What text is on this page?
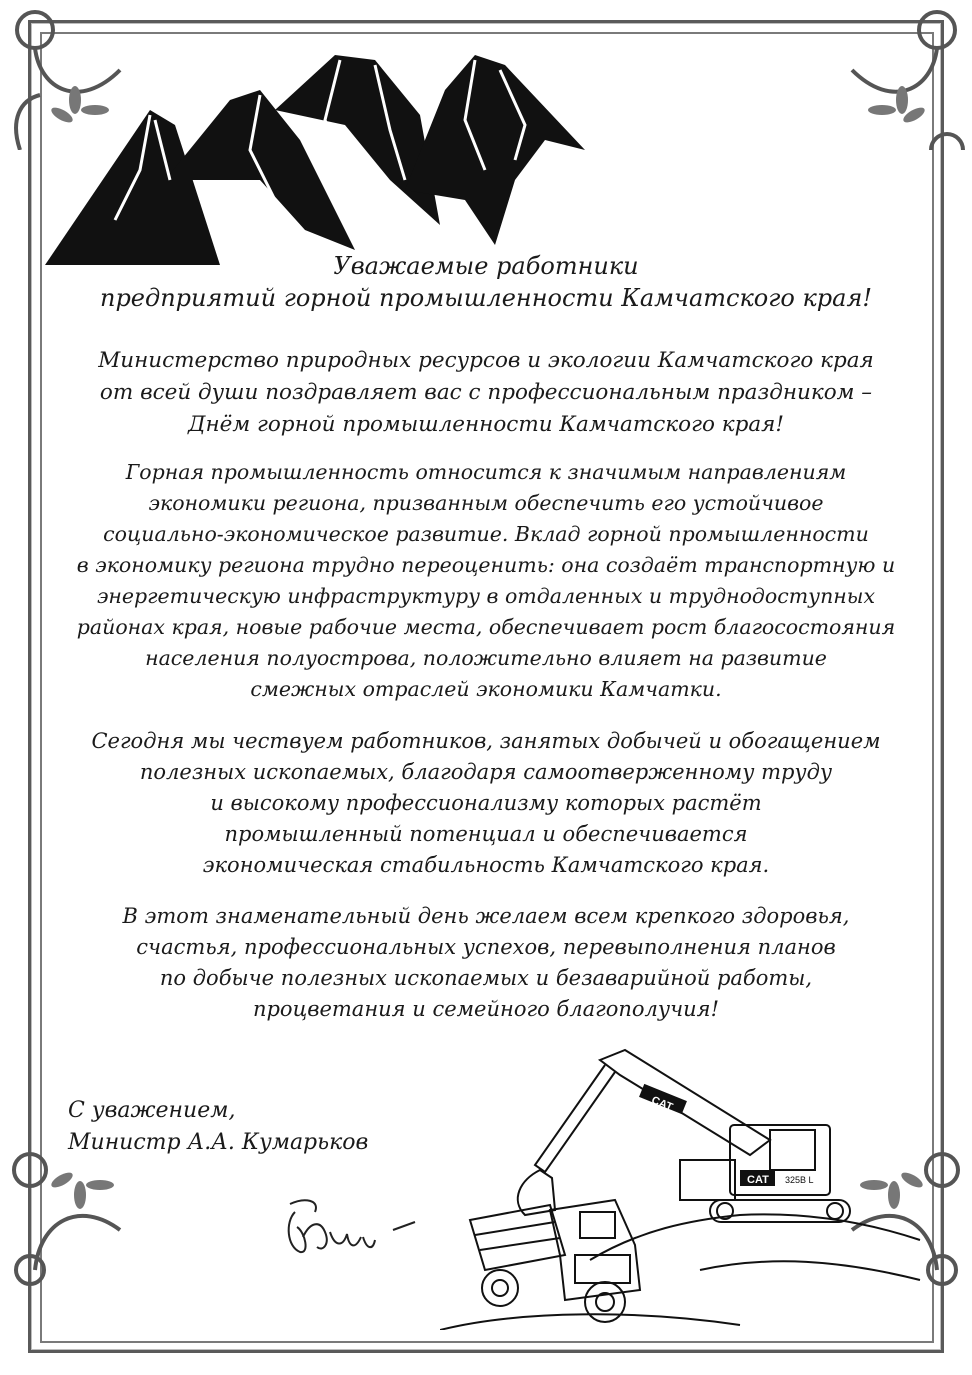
Уважаемые работники
предприятий горной промышленности Камчатского края!
Министерство природных ресурсов и экологии Камчатского края
от всей души поздравляет вас с профессиональным праздником –
Днём горной промышленности Камчатского края!
Горная промышленность относится к значимым направлениям
экономики региона, призванным обеспечить его устойчивое
социально-экономическое развитие. Вклад горной промышленности
в экономику региона трудно переоценить: она создаёт транспортную и
энергетическую инфраструктуру в отдаленных и труднодоступных
районах края, новые рабочие места, обеспечивает рост благосостояния
населения полуострова, положительно влияет на развитие
смежных отраслей экономики Камчатки.
Сегодня мы чествуем работников, занятых добычей и обогащением
полезных ископаемых, благодаря самоотверженному труду
и высокому профессионализму которых растёт
промышленный потенциал и обеспечивается
экономическая стабильность Камчатского края.
В этот знаменательный день желаем всем крепкого здоровья,
счастья, профессиональных успехов, перевыполнения планов
по добыче полезных ископаемых и безаварийной работы,
процветания и семейного благополучия!
С уважением,
Министр А.А. Кумарьков
CAT
CAT 325B L
